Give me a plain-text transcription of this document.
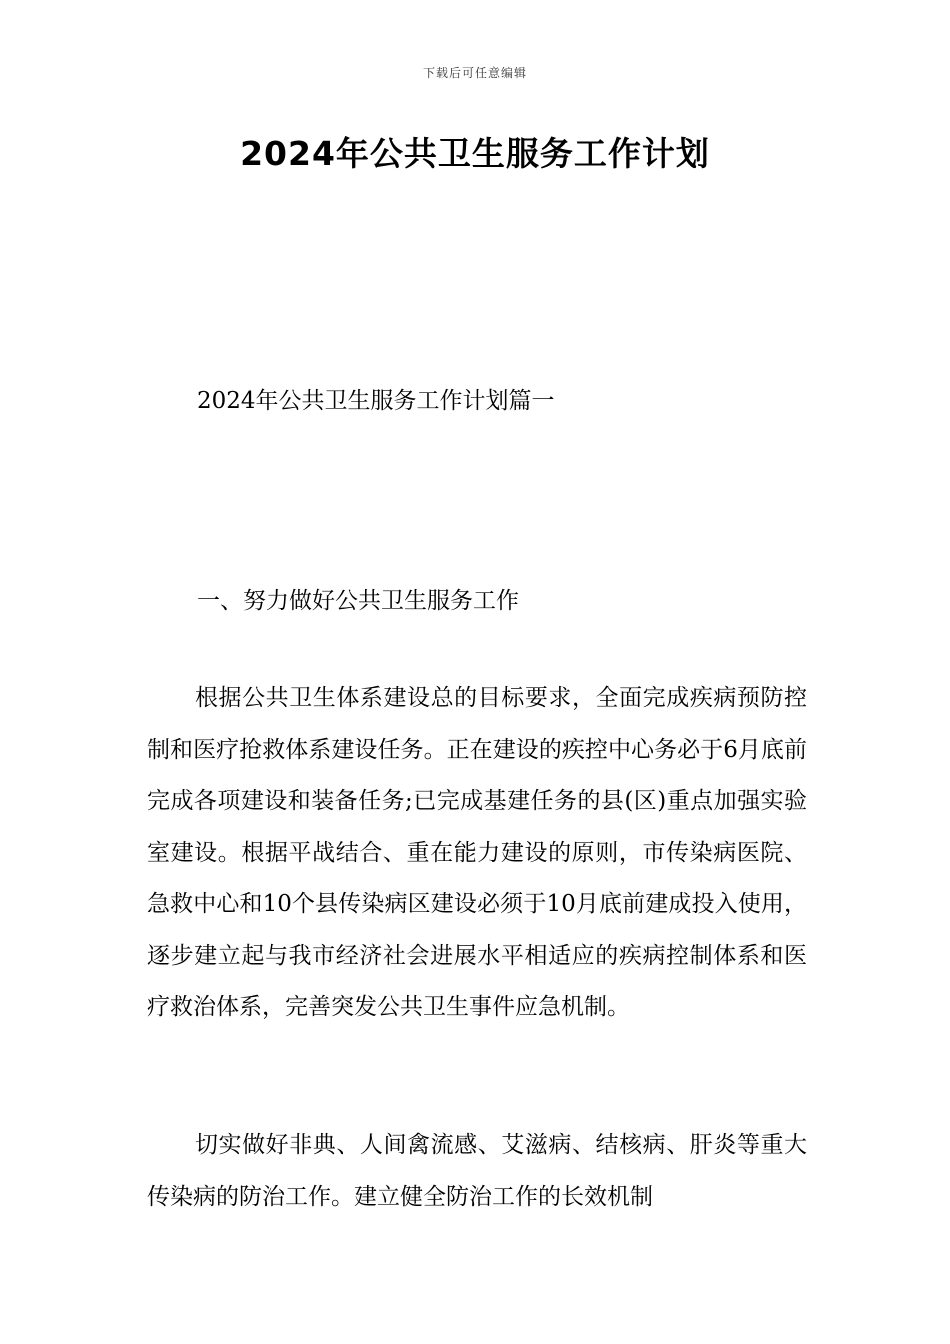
下载后可任意编辑
2024年公共卫生服务工作计划
2024年公共卫生服务工作计划篇一
一、努力做好公共卫生服务工作

根据公共卫生体系建设总的目标要求，全面完成疾病预防控制和医疗抢救体系建设任务。正在建设的疾控中心务必于6月底前完成各项建设和装备任务;已完成基建任务的县(区)重点加强实验室建设。根据平战结合、重在能力建设的原则，市传染病医院、急救中心和10个县传染病区建设必须于10月底前建成投入使用，逐步建立起与我市经济社会进展水平相适应的疾病控制体系和医疗救治体系，完善突发公共卫生事件应急机制。

切实做好非典、人间禽流感、艾滋病、结核病、肝炎等重大传染病的防治工作。建立健全防治工作的长效机制
